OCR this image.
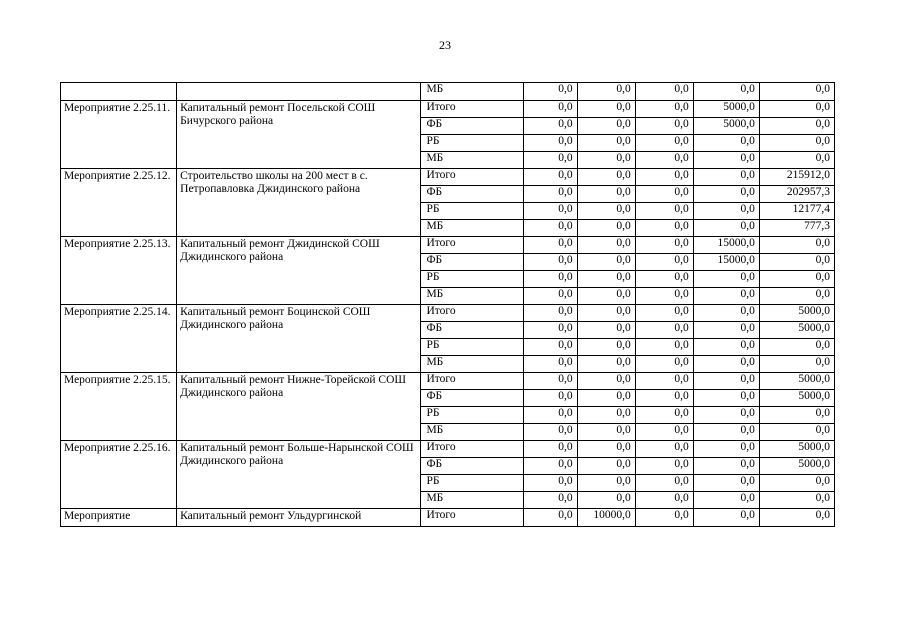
23
		МБ	0,0	0,0	0,0	0,0	0,0
Мероприятие 2.25.11.	Капитальный ремонт Посельской СОШ Бичурского района	Итого	0,0	0,0	0,0	5000,0	0,0
		ФБ	0,0	0,0	0,0	5000,0	0,0
		РБ	0,0	0,0	0,0	0,0	0,0
		МБ	0,0	0,0	0,0	0,0	0,0
Мероприятие 2.25.12.	Строительство школы на 200 мест в с. Петропавловка Джидинского района	Итого	0,0	0,0	0,0	0,0	215912,0
		ФБ	0,0	0,0	0,0	0,0	202957,3
		РБ	0,0	0,0	0,0	0,0	12177,4
		МБ	0,0	0,0	0,0	0,0	777,3
Мероприятие 2.25.13.	Капитальный ремонт Джидинской СОШ Джидинского района	Итого	0,0	0,0	0,0	15000,0	0,0
		ФБ	0,0	0,0	0,0	15000,0	0,0
		РБ	0,0	0,0	0,0	0,0	0,0
		МБ	0,0	0,0	0,0	0,0	0,0
Мероприятие 2.25.14.	Капитальный ремонт Боцинской СОШ Джидинского района	Итого	0,0	0,0	0,0	0,0	5000,0
		ФБ	0,0	0,0	0,0	0,0	5000,0
		РБ	0,0	0,0	0,0	0,0	0,0
		МБ	0,0	0,0	0,0	0,0	0,0
Мероприятие 2.25.15.	Капитальный ремонт Нижне-Торейской СОШ Джидинского района	Итого	0,0	0,0	0,0	0,0	5000,0
		ФБ	0,0	0,0	0,0	0,0	5000,0
		РБ	0,0	0,0	0,0	0,0	0,0
		МБ	0,0	0,0	0,0	0,0	0,0
Мероприятие 2.25.16.	Капитальный ремонт Больше-Нарынской СОШ Джидинского района	Итого	0,0	0,0	0,0	0,0	5000,0
		ФБ	0,0	0,0	0,0	0,0	5000,0
		РБ	0,0	0,0	0,0	0,0	0,0
		МБ	0,0	0,0	0,0	0,0	0,0
Мероприятие	Капитальный ремонт Ульдургинской	Итого	0,0	10000,0	0,0	0,0	0,0
